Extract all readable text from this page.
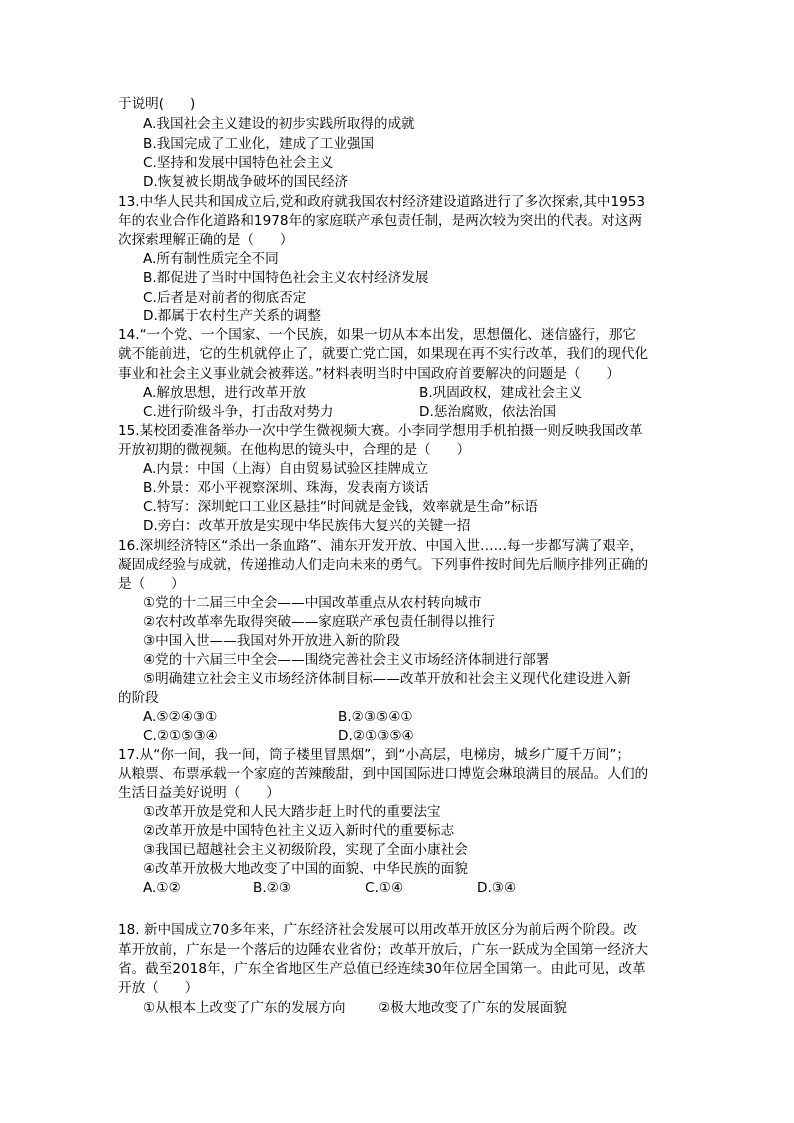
于说明(      )
A.我国社会主义建设的初步实践所取得的成就
B.我国完成了工业化，建成了工业强国
C.坚持和发展中国特色社会主义
D.恢复被长期战争破坏的国民经济
13.中华人民共和国成立后,党和政府就我国农村经济建设道路进行了多次探索,其中1953
年的农业合作化道路和1978年的家庭联产承包责任制，是两次较为突出的代表。对这两
次探索理解正确的是（      ）
A.所有制性质完全不同
B.都促进了当时中国特色社会主义农村经济发展
C.后者是对前者的彻底否定
D.都属于农村生产关系的调整
14.“一个党、一个国家、一个民族，如果一切从本本出发，思想僵化、迷信盛行，那它
就不能前进，它的生机就停止了，就要亡党亡国，如果现在再不实行改革，我们的现代化
事业和社会主义事业就会被葬送。”材料表明当时中国政府首要解决的问题是（      ）
A.解放思想，进行改革开放	B.巩固政权，建成社会主义
C.进行阶级斗争，打击敌对势力	D.惩治腐败，依法治国
15.某校团委准备举办一次中学生微视频大赛。小李同学想用手机拍摄一则反映我国改革
开放初期的微视频。在他构思的镜头中，合理的是（      ）
A.内景：中国（上海）自由贸易试验区挂牌成立
B.外景：邓小平视察深圳、珠海，发表南方谈话
C.特写：深圳蛇口工业区悬挂“时间就是金钱，效率就是生命”标语
D.旁白：改革开放是实现中华民族伟大复兴的关键一招
16.深圳经济特区“杀出一条血路”、浦东开发开放、中国入世……每一步都写满了艰辛，
凝固成经验与成就，传递推动人们走向未来的勇气。下列事件按时间先后顺序排列正确的
是（      ）
①党的十二届三中全会——中国改革重点从农村转向城市
②农村改革率先取得突破——家庭联产承包责任制得以推行
③中国入世——我国对外开放进入新的阶段
④党的十六届三中全会——围绕完善社会主义市场经济体制进行部署
⑤明确建立社会主义市场经济体制目标——改革开放和社会主义现代化建设进入新
的阶段
A.⑤②④③①	B.②③⑤④①
C.②①⑤③④	D.②①③⑤④
17.从“你一间，我一间，筒子楼里冒黑烟”，到“小高层，电梯房，城乡广厦千万间”；
从粮票、布票承载一个家庭的苦辣酸甜，到中国国际进口博览会琳琅满目的展品。人们的
生活日益美好说明（      ）
①改革开放是党和人民大踏步赶上时代的重要法宝
②改革开放是中国特色社主义迈入新时代的重要标志
③我国已超越社会主义初级阶段，实现了全面小康社会
④改革开放极大地改变了中国的面貌、中华民族的面貌
A.①②	B.②③	C.①④	D.③④
18. 新中国成立70多年来，广东经济社会发展可以用改革开放区分为前后两个阶段。改
革开放前，广东是一个落后的边陲农业省份；改革开放后，广东一跃成为全国第一经济大
省。截至2018年，广东全省地区生产总值已经连续30年位居全国第一。由此可见，改革
开放（      ）
①从根本上改变了广东的发展方向 ②极大地改变了广东的发展面貌
